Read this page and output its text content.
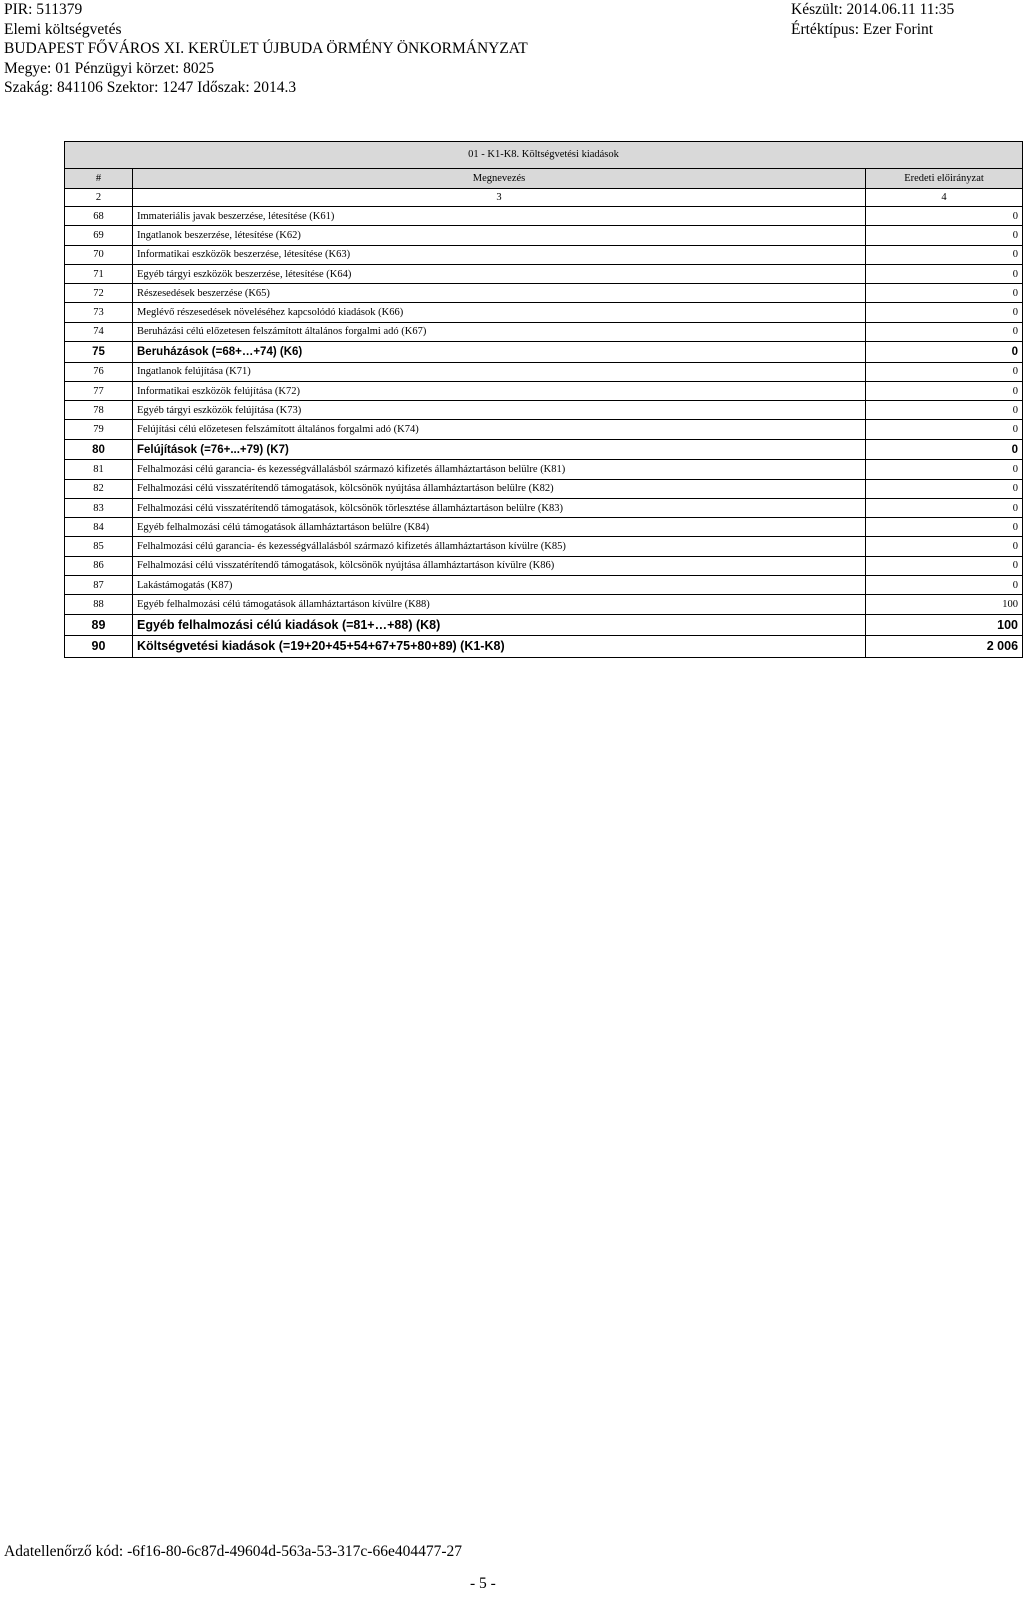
PIR: 511379
Elemi költségvetés
BUDAPEST FŐVÁROS XI. KERÜLET ÚJBUDA ÖRMÉNY ÖNKORMÁNYZAT
Megye: 01 Pénzügyi körzet: 8025
Szakág: 841106 Szektor: 1247 Időszak: 2014.3
Készült: 2014.06.11 11:35
Értéktípus: Ezer Forint
01 - K1-K8. Költségvetési kiadások		
#	Megnevezés	Eredeti előirányzat
2	3	4
68	Immateriális javak beszerzése, létesítése (K61)	0
69	Ingatlanok beszerzése, létesítése (K62)	0
70	Informatikai eszközök beszerzése, létesítése (K63)	0
71	Egyéb tárgyi eszközök beszerzése, létesítése (K64)	0
72	Részesedések beszerzése (K65)	0
73	Meglévő részesedések növeléséhez kapcsolódó kiadások (K66)	0
74	Beruházási célú előzetesen felszámított általános forgalmi adó (K67)	0
75	Beruházások (=68+…+74) (K6)	0
76	Ingatlanok felújítása (K71)	0
77	Informatikai eszközök felújítása (K72)	0
78	Egyéb tárgyi eszközök felújítása (K73)	0
79	Felújítási célú előzetesen felszámított általános forgalmi adó (K74)	0
80	Felújítások (=76+...+79) (K7)	0
81	Felhalmozási célú garancia- és kezességvállalásból származó kifizetés államháztartáson belülre (K81)	0
82	Felhalmozási célú visszatérítendő támogatások, kölcsönök nyújtása államháztartáson belülre (K82)	0
83	Felhalmozási célú visszatérítendő támogatások, kölcsönök törlesztése államháztartáson belülre (K83)	0
84	Egyéb felhalmozási célú támogatások államháztartáson belülre (K84)	0
85	Felhalmozási célú garancia- és kezességvállalásból származó kifizetés államháztartáson kívülre (K85)	0
86	Felhalmozási célú visszatérítendő támogatások, kölcsönök nyújtása államháztartáson kívülre (K86)	0
87	Lakástámogatás (K87)	0
88	Egyéb felhalmozási célú támogatások államháztartáson kívülre (K88)	100
89	Egyéb felhalmozási célú kiadások (=81+…+88) (K8)	100
90	Költségvetési kiadások (=19+20+45+54+67+75+80+89) (K1-K8)	2 006
Adatellenőrző kód: -6f16-80-6c87d-49604d-563a-53-317c-66e404477-27
- 5 -
